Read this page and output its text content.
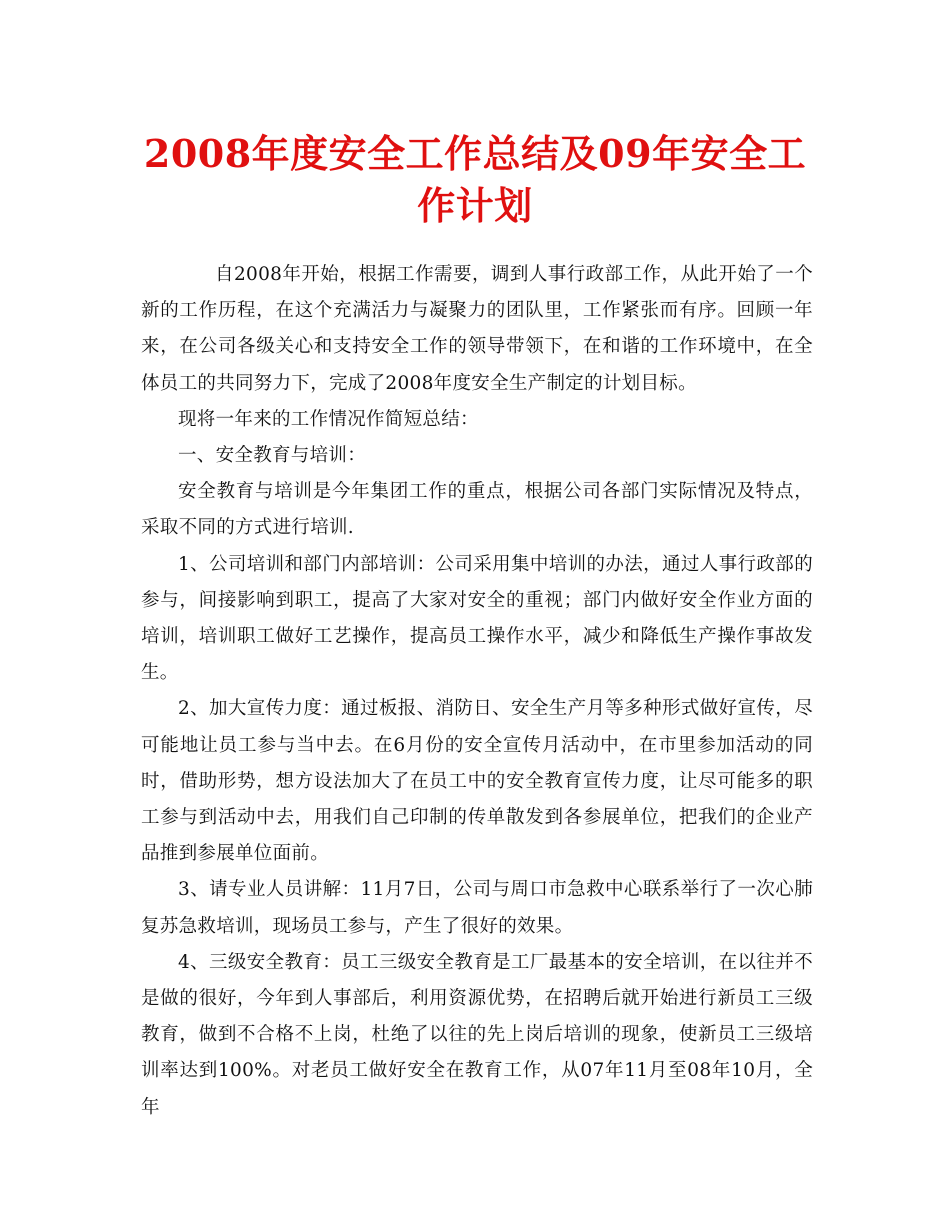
2008年度安全工作总结及09年安全工作计划

自2008年开始，根据工作需要，调到人事行政部工作，从此开始了一个新的工作历程，在这个充满活力与凝聚力的团队里，工作紧张而有序。回顾一年来，在公司各级关心和支持安全工作的领导带领下，在和谐的工作环境中，在全体员工的共同努力下，完成了2008年度安全生产制定的计划目标。

现将一年来的工作情况作简短总结：

一、安全教育与培训：

安全教育与培训是今年集团工作的重点，根据公司各部门实际情况及特点，采取不同的方式进行培训.

1、公司培训和部门内部培训：公司采用集中培训的办法，通过人事行政部的参与，间接影响到职工，提高了大家对安全的重视；部门内做好安全作业方面的培训，培训职工做好工艺操作，提高员工操作水平，减少和降低生产操作事故发生。

2、加大宣传力度：通过板报、消防日、安全生产月等多种形式做好宣传，尽可能地让员工参与当中去。在6月份的安全宣传月活动中，在市里参加活动的同时，借助形势，想方设法加大了在员工中的安全教育宣传力度，让尽可能多的职工参与到活动中去，用我们自己印制的传单散发到各参展单位，把我们的企业产品推到参展单位面前。

3、请专业人员讲解：11月7日，公司与周口市急救中心联系举行了一次心肺复苏急救培训，现场员工参与，产生了很好的效果。

4、三级安全教育：员工三级安全教育是工厂最基本的安全培训，在以往并不是做的很好，今年到人事部后，利用资源优势，在招聘后就开始进行新员工三级教育，做到不合格不上岗，杜绝了以往的先上岗后培训的现象，使新员工三级培训率达到100%。对老员工做好安全在教育工作，从07年11月至08年10月，全年
